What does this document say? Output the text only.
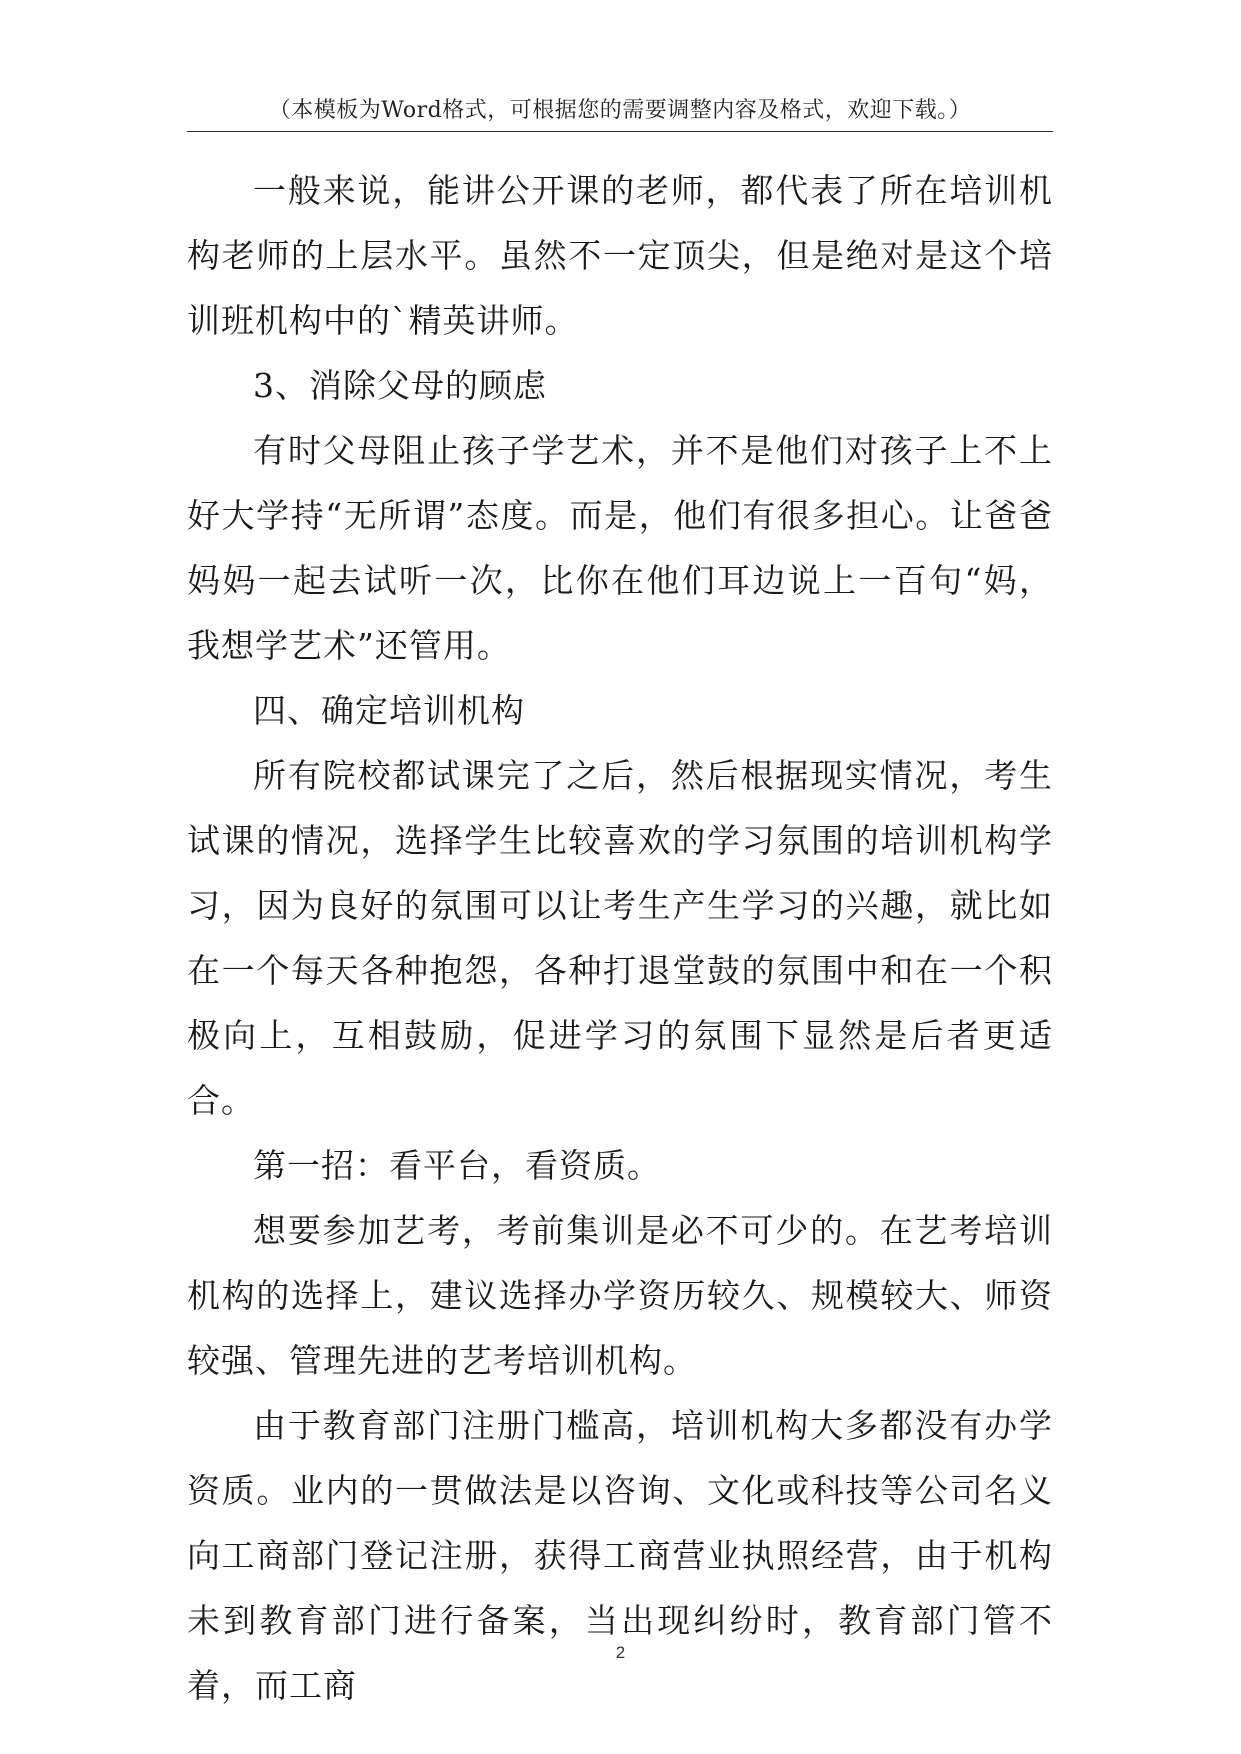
（本模板为Word格式，可根据您的需要调整内容及格式，欢迎下载。）

一般来说，能讲公开课的老师，都代表了所在培训机构老师的上层水平。虽然不一定顶尖，但是绝对是这个培训班机构中的`精英讲师。

3、消除父母的顾虑

有时父母阻止孩子学艺术，并不是他们对孩子上不上好大学持“无所谓”态度。而是，他们有很多担心。让爸爸妈妈一起去试听一次，比你在他们耳边说上一百句“妈，我想学艺术”还管用。

四、确定培训机构

所有院校都试课完了之后，然后根据现实情况，考生试课的情况，选择学生比较喜欢的学习氛围的培训机构学习，因为良好的氛围可以让考生产生学习的兴趣，就比如在一个每天各种抱怨，各种打退堂鼓的氛围中和在一个积极向上，互相鼓励，促进学习的氛围下显然是后者更适合。

第一招：看平台，看资质。

想要参加艺考，考前集训是必不可少的。在艺考培训机构的选择上，建议选择办学资历较久、规模较大、师资较强、管理先进的艺考培训机构。

由于教育部门注册门槛高，培训机构大多都没有办学资质。业内的一贯做法是以咨询、文化或科技等公司名义向工商部门登记注册，获得工商营业执照经营，由于机构未到教育部门进行备案，当出现纠纷时，教育部门管不着，而工商

2
